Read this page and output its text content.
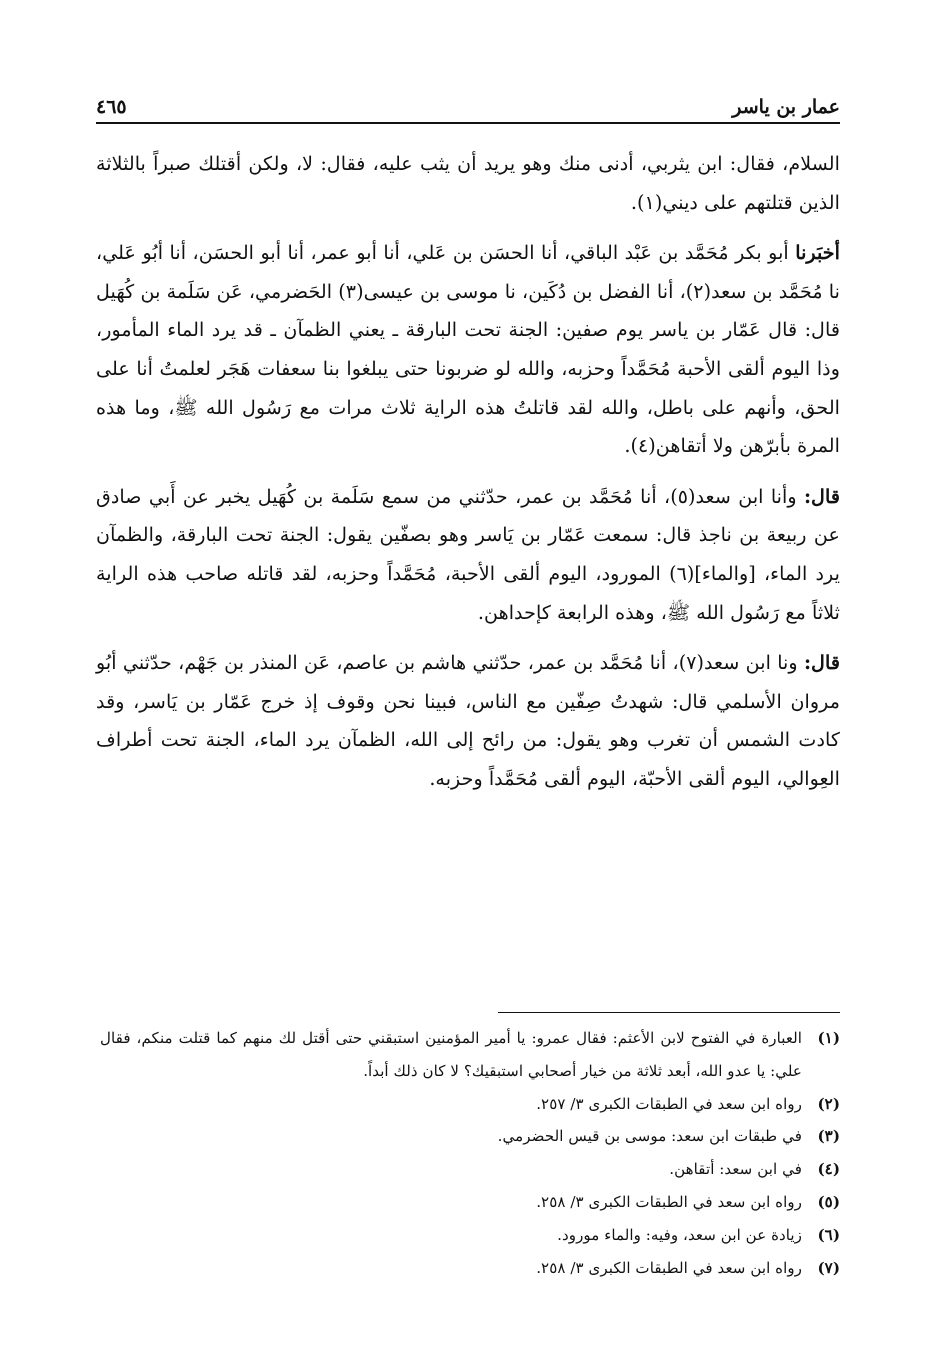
عمار بن ياسر
٤٦٥

السلام، فقال: ابن يثربي، أدنى منك وهو يريد أن يثب عليه، فقال: لا، ولكن أقتلك صبراً بالثلاثة الذين قتلتهم على ديني(١).

أخبَرنا أبو بكر مُحَمَّد بن عَبْد الباقي، أنا الحسَن بن عَلي، أنا أبو عمر، أنا أبو الحسَن، أنا أبُو عَلي، نا مُحَمَّد بن سعد(٢)، أنا الفضل بن دُكَين، نا موسى بن عيسى(٣) الحَضرمي، عَن سَلَمة بن كُهَيل قال: قال عَمّار بن ياسر يوم صفين: الجنة تحت البارقة ـ يعني الظمآن ـ قد يرد الماء المأمور، وذا اليوم ألقى الأحبة مُحَمَّداً وحزبه، والله لو ضربونا حتى يبلغوا بنا سعفات هَجَر لعلمتُ أنا على الحق، وأنهم على باطل، والله لقد قاتلتُ هذه الراية ثلاث مرات مع رَسُول الله ﷺ، وما هذه المرة بأبرّهن ولا أتقاهن(٤).

قال: وأنا ابن سعد(٥)، أنا مُحَمَّد بن عمر، حدّثني من سمع سَلَمة بن كُهَيل يخبر عن أَبي صادق عن ربيعة بن ناجذ قال: سمعت عَمّار بن يَاسر وهو بصفّين يقول: الجنة تحت البارقة، والظمآن يرد الماء، [والماء](٦) المورود، اليوم ألقى الأحبة، مُحَمَّداً وحزبه، لقد قاتله صاحب هذه الراية ثلاثاً مع رَسُول الله ﷺ، وهذه الرابعة كإحداهن.

قال: ونا ابن سعد(٧)، أنا مُحَمَّد بن عمر، حدّثني هاشم بن عاصم، عَن المنذر بن جَهْم، حدّثني أبُو مروان الأسلمي قال: شهدتُ صِفّين مع الناس، فبينا نحن وقوف إذ خرج عَمّار بن يَاسر، وقد كادت الشمس أن تغرب وهو يقول: من رائح إلى الله، الظمآن يرد الماء، الجنة تحت أطراف العِوالي، اليوم ألقى الأحبّة، اليوم ألقى مُحَمَّداً وحزبه.

(١)
العبارة في الفتوح لابن الأعثم: فقال عمرو: يا أمير المؤمنين استبقني حتى أقتل لك منهم كما قتلت منكم، فقال علي: يا عدو الله، أبعد ثلاثة من خيار أصحابي استبقيك؟ لا كان ذلك أبداً.
(٢)
رواه ابن سعد في الطبقات الكبرى ٣/ ٢٥٧.
(٣)
في طبقات ابن سعد: موسى بن قيس الحضرمي.
(٤)
في ابن سعد: أتقاهن.
(٥)
رواه ابن سعد في الطبقات الكبرى ٣/ ٢٥٨.
(٦)
زيادة عن ابن سعد، وفيه: والماء مورود.
(٧)
رواه ابن سعد في الطبقات الكبرى ٣/ ٢٥٨.
